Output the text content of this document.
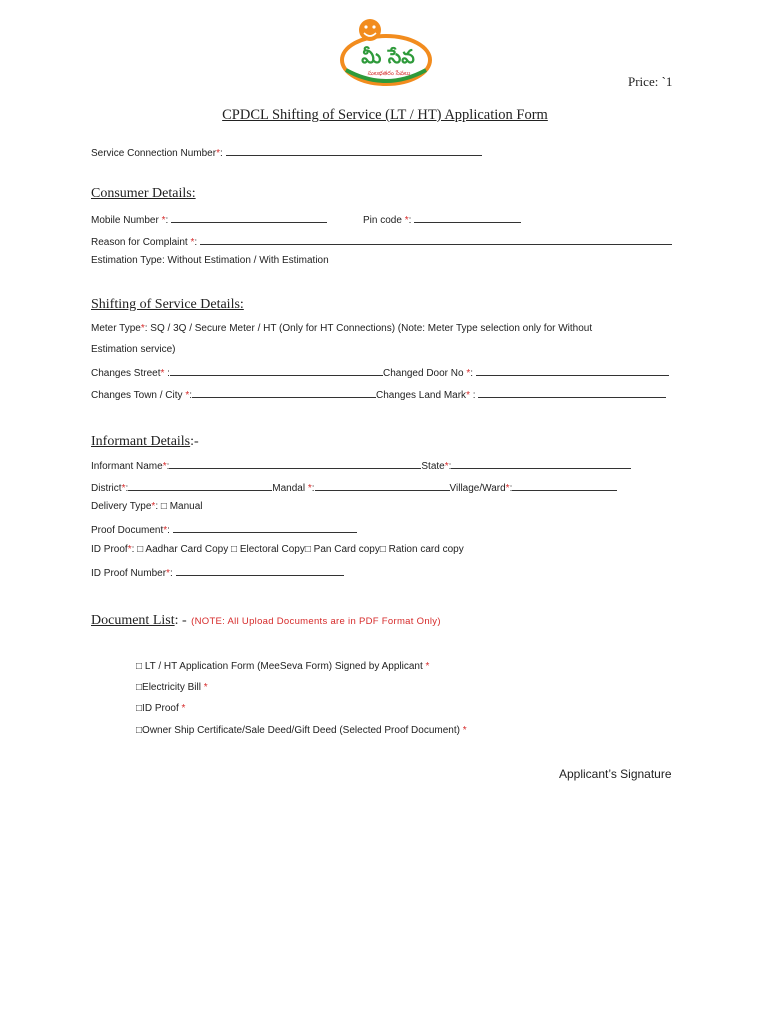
మీ సేవ
సులభతరం సేవలు	Price: `1
CPDCL Shifting of Service (LT / HT) Application Form
Service Connection Number*:
Consumer Details:
Mobile Number *:	Pin code *:
Reason for Complaint *:
Estimation Type: Without Estimation / With Estimation
Shifting of Service Details:
Meter Type*: SQ / 3Q / Secure Meter / HT (Only for HT Connections) (Note: Meter Type selection only for Without
Estimation service)
Changes Street* :	Changed Door No *:
Changes Town / City *:	Changes Land Mark* :
Informant Details:-
Informant Name*:	State*:
District*:	Mandal *:	Village/Ward*:
Delivery Type*: □ Manual
Proof Document*:
ID Proof*: □ Aadhar Card Copy □ Electoral Copy□ Pan Card copy□ Ration card copy
ID Proof Number*:
Document List: - (NOTE: All Upload Documents are in PDF Format Only)
□ LT / HT Application Form (MeeSeva Form) Signed by Applicant *
□Electricity Bill *
□ID Proof *
□Owner Ship Certificate/Sale Deed/Gift Deed (Selected Proof Document) *
Applicant’s Signature
